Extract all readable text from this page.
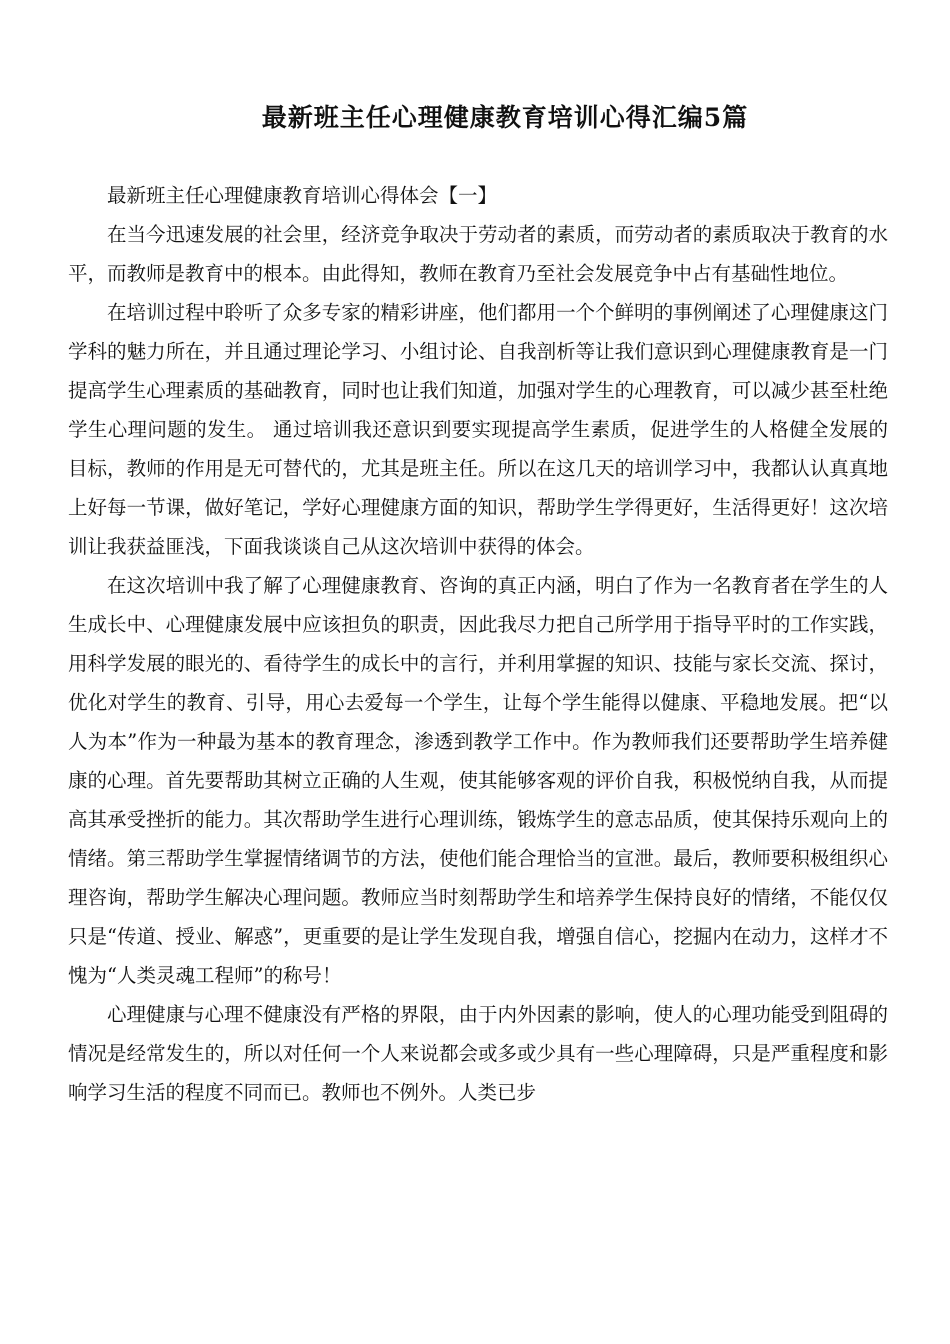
最新班主任心理健康教育培训心得汇编5篇

最新班主任心理健康教育培训心得体会【一】

在当今迅速发展的社会里，经济竞争取决于劳动者的素质，而劳动者的素质取决于教育的水平，而教师是教育中的根本。由此得知，教师在教育乃至社会发展竞争中占有基础性地位。

在培训过程中聆听了众多专家的精彩讲座，他们都用一个个鲜明的事例阐述了心理健康这门学科的魅力所在，并且通过理论学习、小组讨论、自我剖析等让我们意识到心理健康教育是一门提高学生心理素质的基础教育，同时也让我们知道，加强对学生的心理教育，可以减少甚至杜绝学生心理问题的发生。 通过培训我还意识到要实现提高学生素质，促进学生的人格健全发展的目标，教师的作用是无可替代的，尤其是班主任。所以在这几天的培训学习中，我都认认真真地上好每一节课，做好笔记，学好心理健康方面的知识，帮助学生学得更好，生活得更好！这次培训让我获益匪浅，下面我谈谈自己从这次培训中获得的体会。

在这次培训中我了解了心理健康教育、咨询的真正内涵，明白了作为一名教育者在学生的人生成长中、心理健康发展中应该担负的职责，因此我尽力把自己所学用于指导平时的工作实践，用科学发展的眼光的、看待学生的成长中的言行，并利用掌握的知识、技能与家长交流、探讨，优化对学生的教育、引导，用心去爱每一个学生，让每个学生能得以健康、平稳地发展。把“以人为本”作为一种最为基本的教育理念，渗透到教学工作中。作为教师我们还要帮助学生培养健康的心理。首先要帮助其树立正确的人生观，使其能够客观的评价自我，积极悦纳自我，从而提高其承受挫折的能力。其次帮助学生进行心理训练，锻炼学生的意志品质，使其保持乐观向上的情绪。第三帮助学生掌握情绪调节的方法，使他们能合理恰当的宣泄。最后，教师要积极组织心理咨询，帮助学生解决心理问题。教师应当时刻帮助学生和培养学生保持良好的情绪，不能仅仅只是“传道、授业、解惑”，更重要的是让学生发现自我，增强自信心，挖掘内在动力，这样才不愧为“人类灵魂工程师”的称号！

心理健康与心理不健康没有严格的界限，由于内外因素的影响，使人的心理功能受到阻碍的情况是经常发生的，所以对任何一个人来说都会或多或少具有一些心理障碍，只是严重程度和影响学习生活的程度不同而已。教师也不例外。人类已步
